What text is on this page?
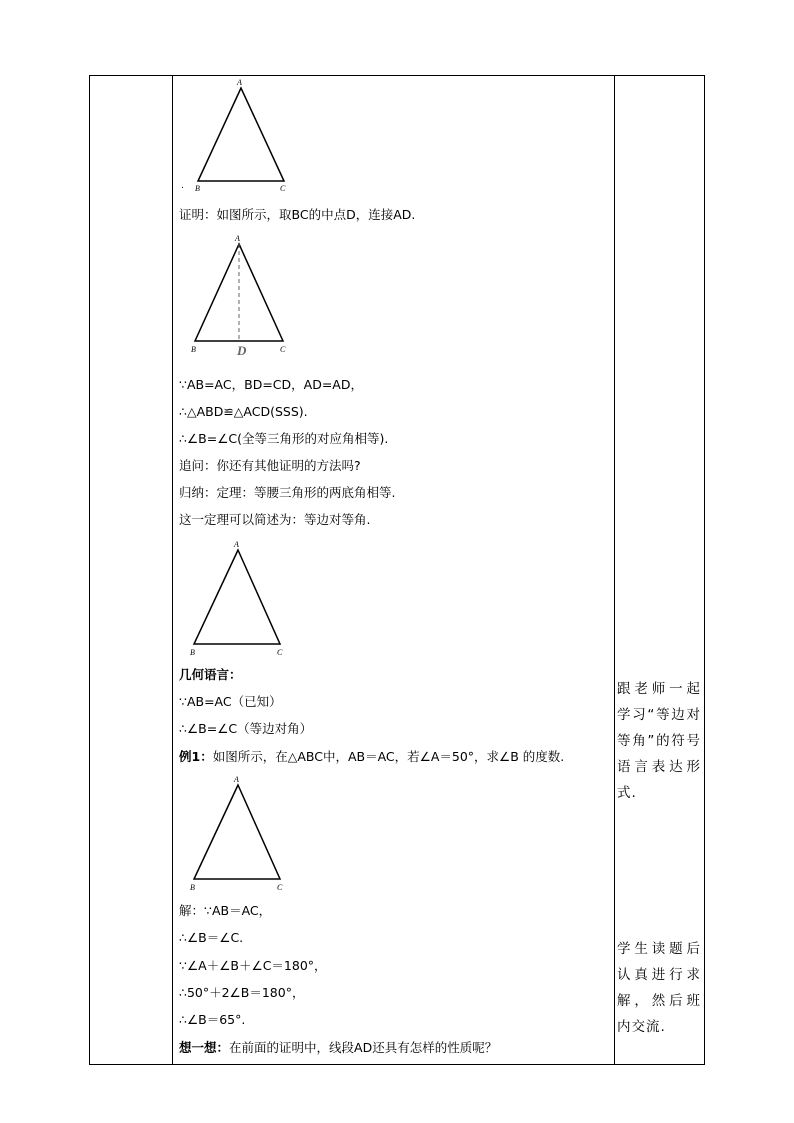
A
B	C
.
证明：如图所示，取BC的中点D，连接AD.
A
B	C
D
∵AB=AC，BD=CD，AD=AD，
∴△ABD≌△ACD(SSS).
∴∠B=∠C(全等三角形的对应角相等).
追问：你还有其他证明的方法吗?
归纳：定理：等腰三角形的两底角相等.
这一定理可以简述为：等边对等角.
A
B	C
几何语言：
∵AB=AC（已知）
∴∠B=∠C（等边对角）
例1：如图所示，在△ABC中，AB＝AC，若∠A＝50°，求∠B 的度数.
A
B	C
解：∵AB＝AC，
∴∠B＝∠C.
∵∠A＋∠B＋∠C＝180°，
∴50°＋2∠B＝180°，
∴∠B＝65°.
想一想：在前面的证明中，线段AD还具有怎样的性质呢？
跟老师一起学习“等边对等角”的符号语言表达形式.
学生读题后认真进行求解，然后班内交流.
